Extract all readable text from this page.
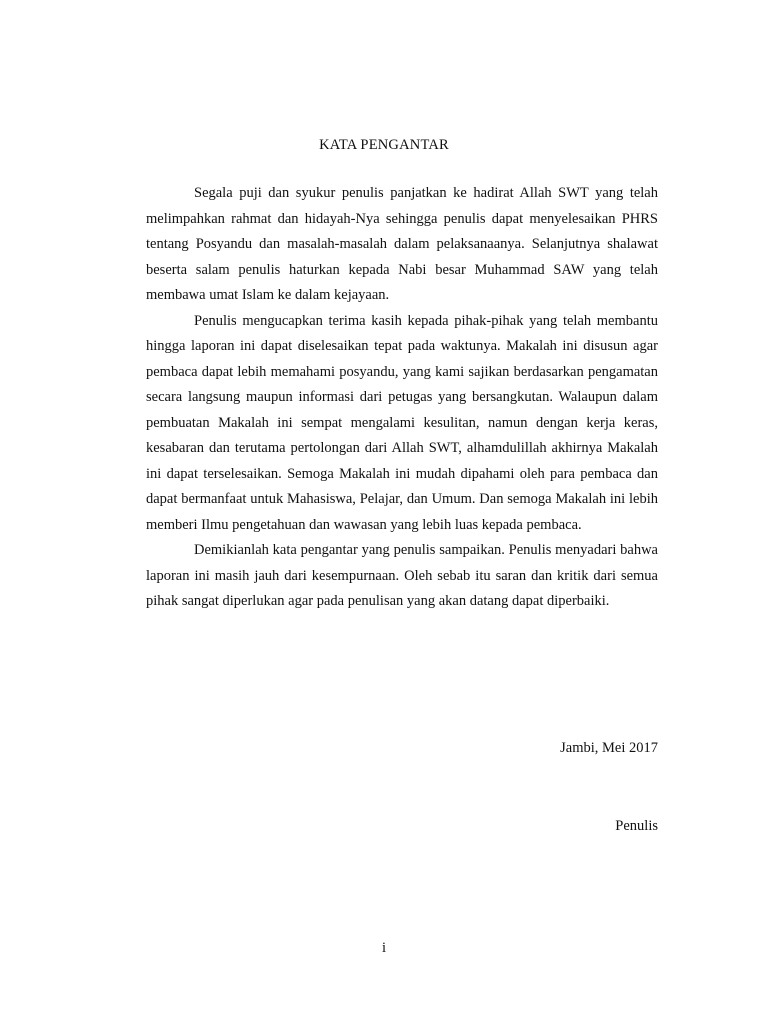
KATA PENGANTAR

Segala puji dan syukur penulis panjatkan ke hadirat Allah SWT yang telah melimpahkan rahmat dan hidayah-Nya sehingga penulis dapat menyelesaikan PHRS tentang Posyandu dan masalah-masalah dalam pelaksanaanya. Selanjutnya shalawat beserta salam penulis haturkan kepada Nabi besar Muhammad SAW yang telah membawa umat Islam ke dalam kejayaan.

Penulis mengucapkan terima kasih kepada pihak-pihak yang telah membantu hingga laporan ini dapat diselesaikan tepat pada waktunya. Makalah ini disusun agar pembaca dapat lebih memahami posyandu, yang kami sajikan berdasarkan pengamatan secara langsung maupun informasi dari petugas yang bersangkutan. Walaupun dalam pembuatan Makalah ini sempat mengalami kesulitan, namun dengan kerja keras, kesabaran dan terutama pertolongan dari Allah SWT, alhamdulillah akhirnya Makalah ini dapat terselesaikan. Semoga Makalah ini mudah dipahami oleh para pembaca dan dapat bermanfaat untuk Mahasiswa, Pelajar, dan Umum. Dan semoga Makalah ini lebih memberi Ilmu pengetahuan dan wawasan yang lebih luas kepada pembaca.

Demikianlah kata pengantar yang penulis sampaikan. Penulis menyadari bahwa laporan ini masih jauh dari kesempurnaan. Oleh sebab itu saran dan kritik dari semua pihak sangat diperlukan agar pada penulisan yang akan datang dapat diperbaiki.

Jambi, Mei 2017
Penulis
i
